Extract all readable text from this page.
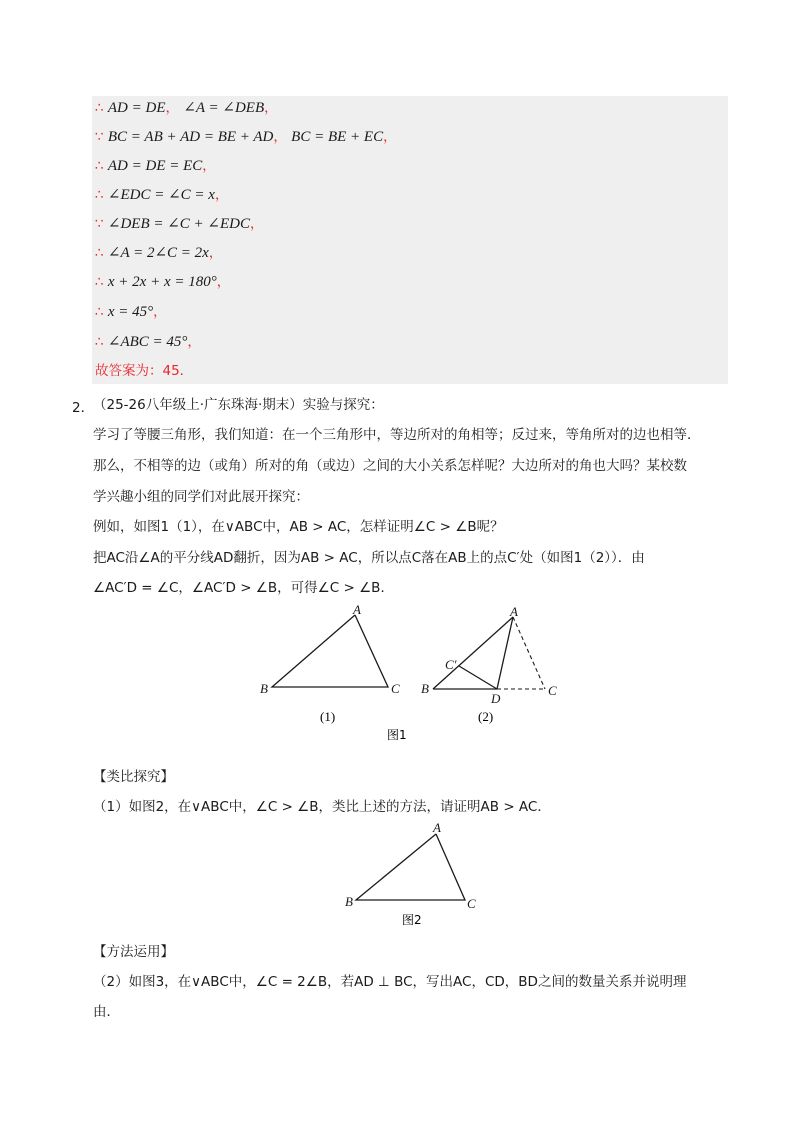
∴ AD = DE， ∠A = ∠DEB，
∵ BC = AB + AD = BE + AD， BC = BE + EC，
∴ AD = DE = EC，
∴ ∠EDC = ∠C = x，
∵ ∠DEB = ∠C + ∠EDC，
∴ ∠A = 2∠C = 2x，
∴ x + 2x + x = 180°，
∴ x = 45°，
∴ ∠ABC = 45°，
故答案为：45．
2．
（25-26八年级上·广东珠海·期末）实验与探究：
学习了等腰三角形，我们知道：在一个三角形中，等边所对的角相等；反过来，等角所对的边也相等．
那么，不相等的边（或角）所对的角（或边）之间的大小关系怎样呢？大边所对的角也大吗？某校数
学兴趣小组的同学们对此展开探究：
例如，如图1（1），在∨ABC中，AB > AC，怎样证明∠C > ∠B呢？
把AC沿∠A的平分线AD翻折，因为AB > AC，所以点C落在AB上的点C′处（如图1（2））．由
∠AC′D = ∠C，∠AC′D > ∠B，可得∠C > ∠B．
A
B	C
A
B	C
C′
D
(1)	(2)
图1
【类比探究】
（1）如图2，在∨ABC中，∠C > ∠B，类比上述的方法，请证明AB > AC．
A
B	C
图2
【方法运用】
（2）如图3，在∨ABC中，∠C = 2∠B，若AD ⊥ BC，写出AC，CD，BD之间的数量关系并说明理
由．
